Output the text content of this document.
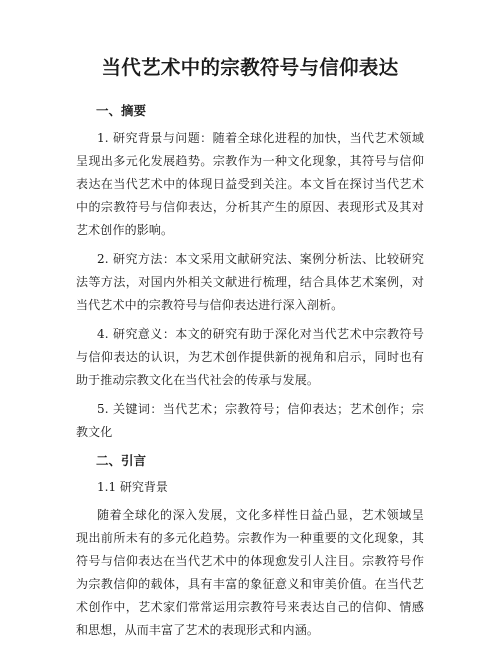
当代艺术中的宗教符号与信仰表达
一、摘要

1. 研究背景与问题：随着全球化进程的加快，当代艺术领域呈现出多元化发展趋势。宗教作为一种文化现象，其符号与信仰表达在当代艺术中的体现日益受到关注。本文旨在探讨当代艺术中的宗教符号与信仰表达，分析其产生的原因、表现形式及其对艺术创作的影响。

2. 研究方法：本文采用文献研究法、案例分析法、比较研究法等方法，对国内外相关文献进行梳理，结合具体艺术案例，对当代艺术中的宗教符号与信仰表达进行深入剖析。

4. 研究意义：本文的研究有助于深化对当代艺术中宗教符号与信仰表达的认识，为艺术创作提供新的视角和启示，同时也有助于推动宗教文化在当代社会的传承与发展。

5. 关键词：当代艺术；宗教符号；信仰表达；艺术创作；宗教文化

二、引言
1.1 研究背景

随着全球化的深入发展，文化多样性日益凸显，艺术领域呈现出前所未有的多元化趋势。宗教作为一种重要的文化现象，其符号与信仰表达在当代艺术中的体现愈发引人注目。宗教符号作为宗教信仰的载体，具有丰富的象征意义和审美价值。在当代艺术创作中，艺术家们常常运用宗教符号来表达自己的信仰、情感和思想，从而丰富了艺术的表现形式和内涵。
